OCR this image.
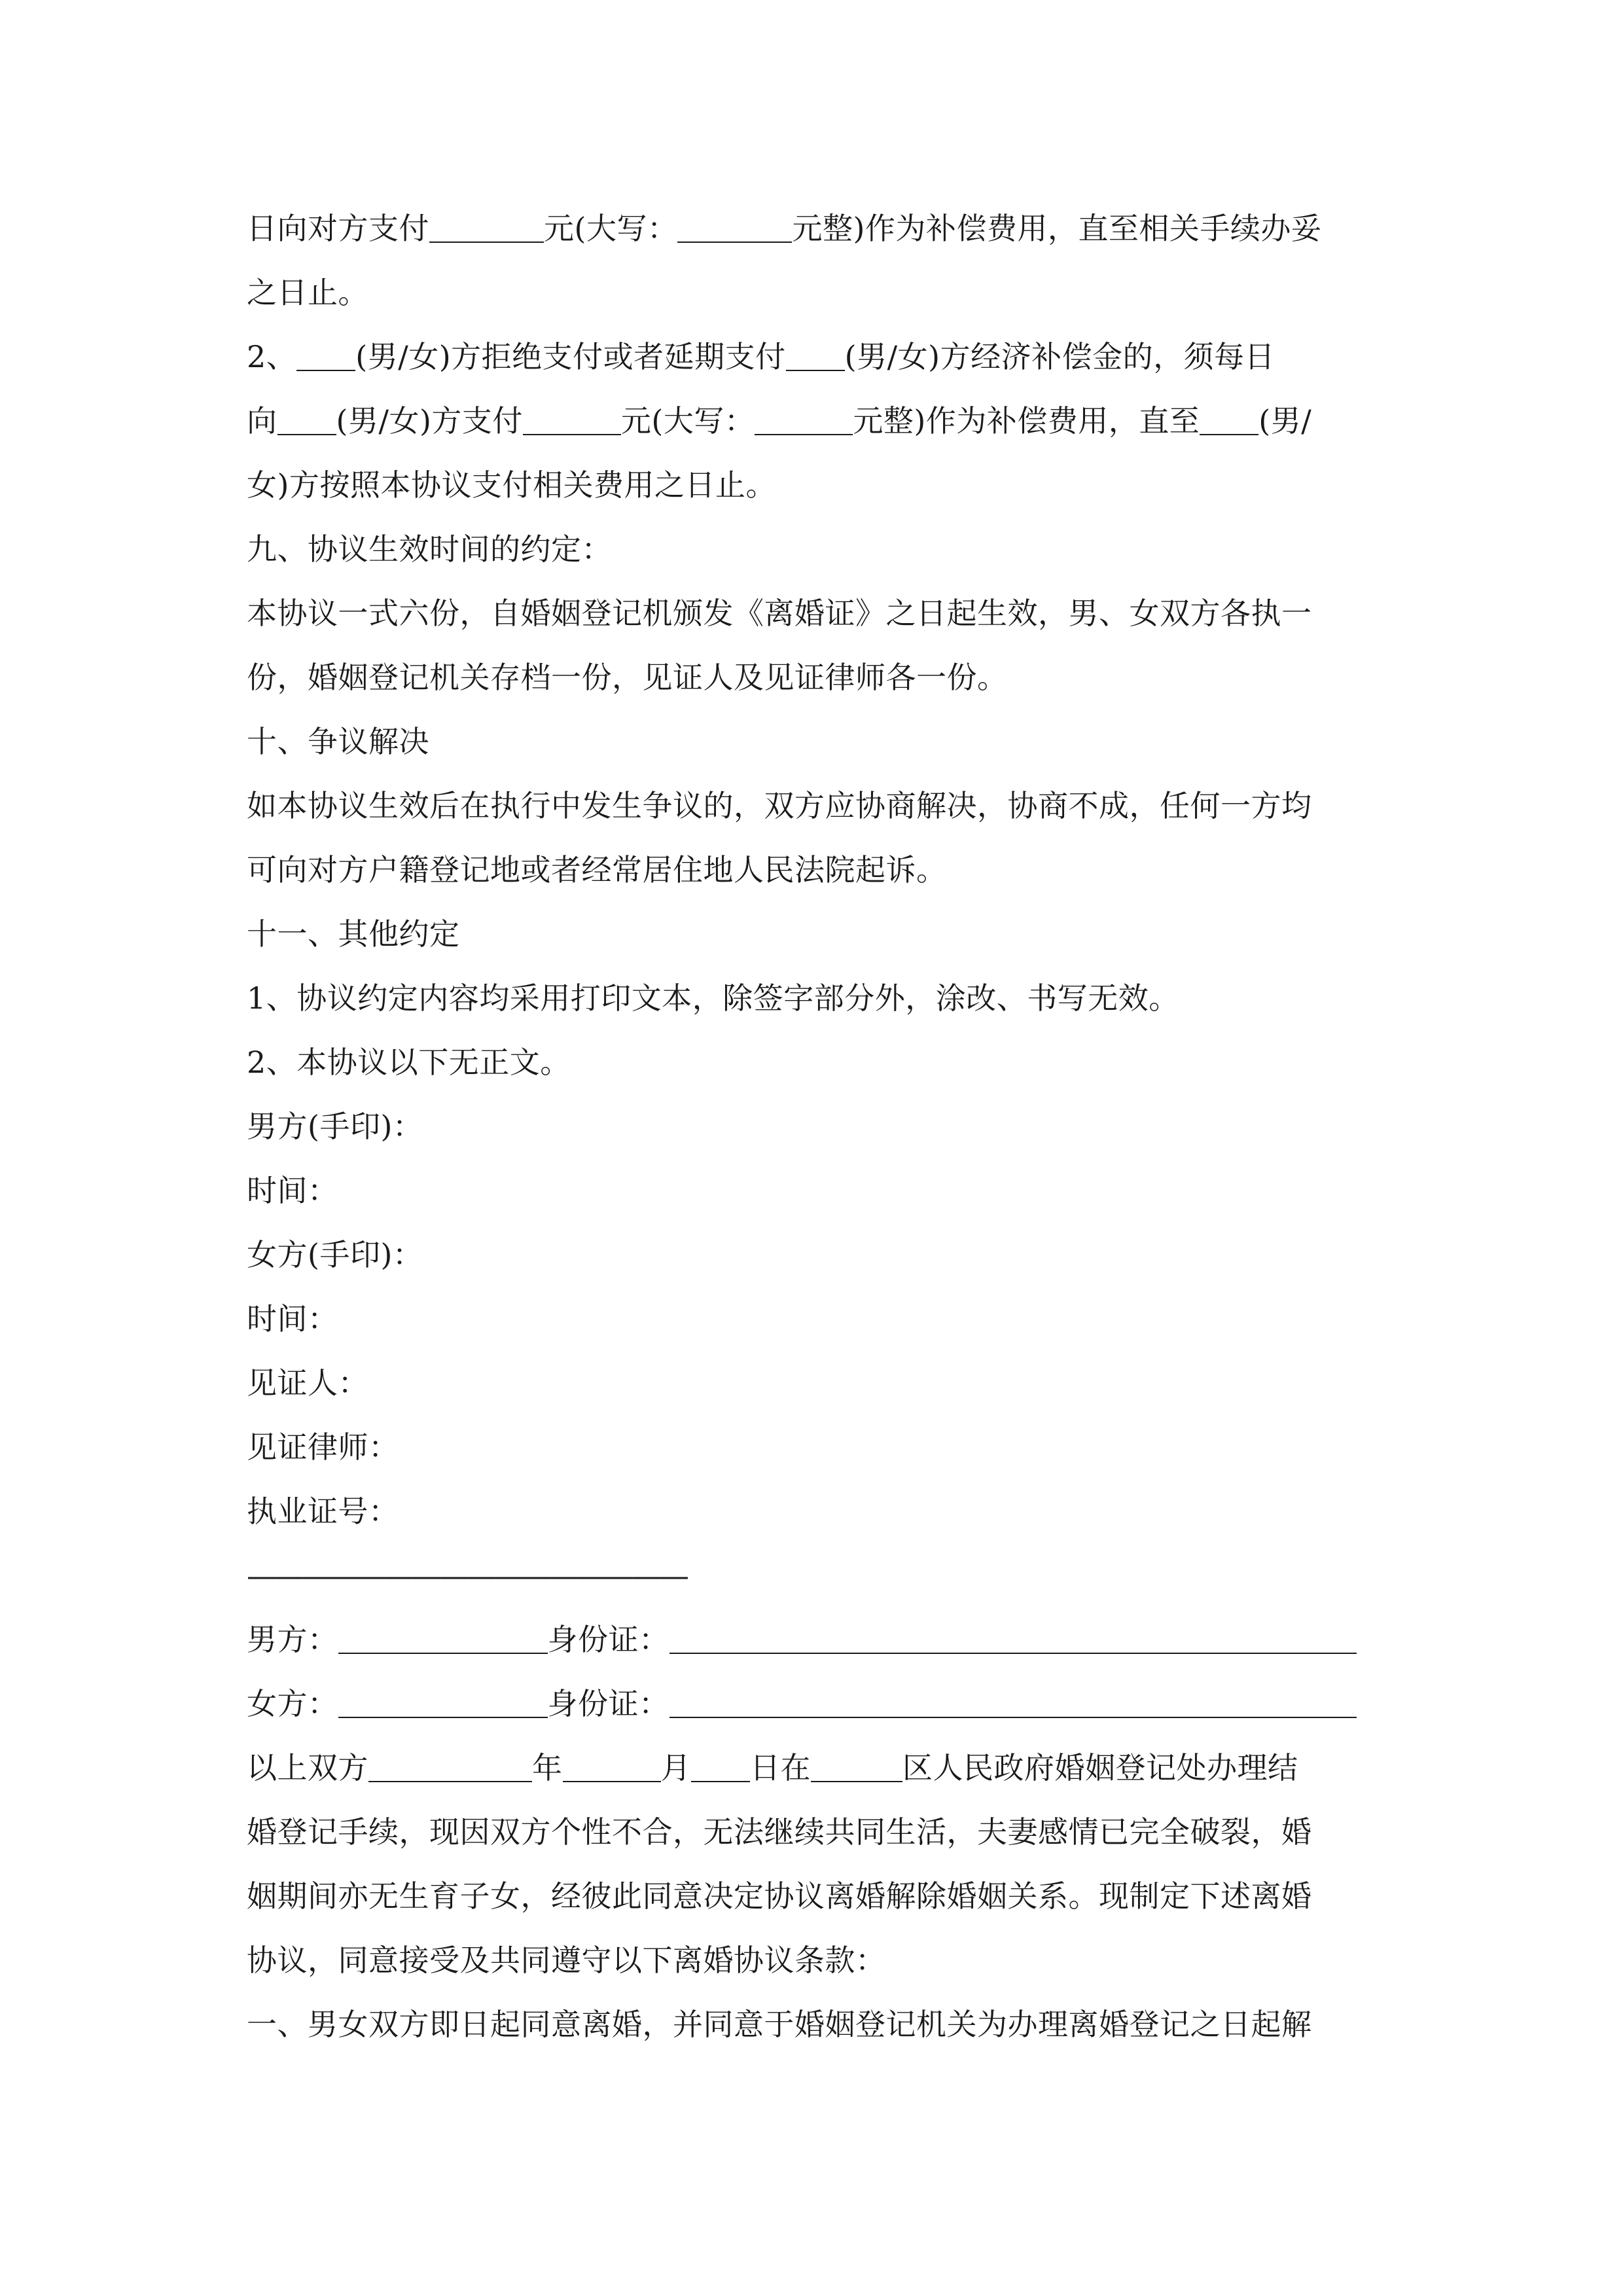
日向对方支付	元(大写：	元整)作为补偿费用，直至相关手续办妥
之日止。
2、 (男/女)方拒绝支付或者延期支付 (男/女)方经济补偿金的，须每日
向 (男/女)方支付	元(大写：	元整)作为补偿费用，直至 (男/
女)方按照本协议支付相关费用之日止。
九、协议生效时间的约定：
本协议一式六份，自婚姻登记机颁发《离婚证》之日起生效，男、女双方各执一
份，婚姻登记机关存档一份，见证人及见证律师各一份。
十、争议解决
如本协议生效后在执行中发生争议的，双方应协商解决，协商不成，任何一方均
可向对方户籍登记地或者经常居住地人民法院起诉。
十一、其他约定
1、协议约定内容均采用打印文本，除签字部分外，涂改、书写无效。
2、本协议以下无正文。
男方(手印)：
时间：
女方(手印)：
时间：
见证人：
见证律师：
执业证号：
————————————————
男方：	身份证：
女方：	身份证：
以上双方	年	月 日在	区人民政府婚姻登记处办理结
婚登记手续，现因双方个性不合，无法继续共同生活，夫妻感情已完全破裂，婚
姻期间亦无生育子女，经彼此同意决定协议离婚解除婚姻关系。现制定下述离婚
协议，同意接受及共同遵守以下离婚协议条款：
一、男女双方即日起同意离婚，并同意于婚姻登记机关为办理离婚登记之日起解
